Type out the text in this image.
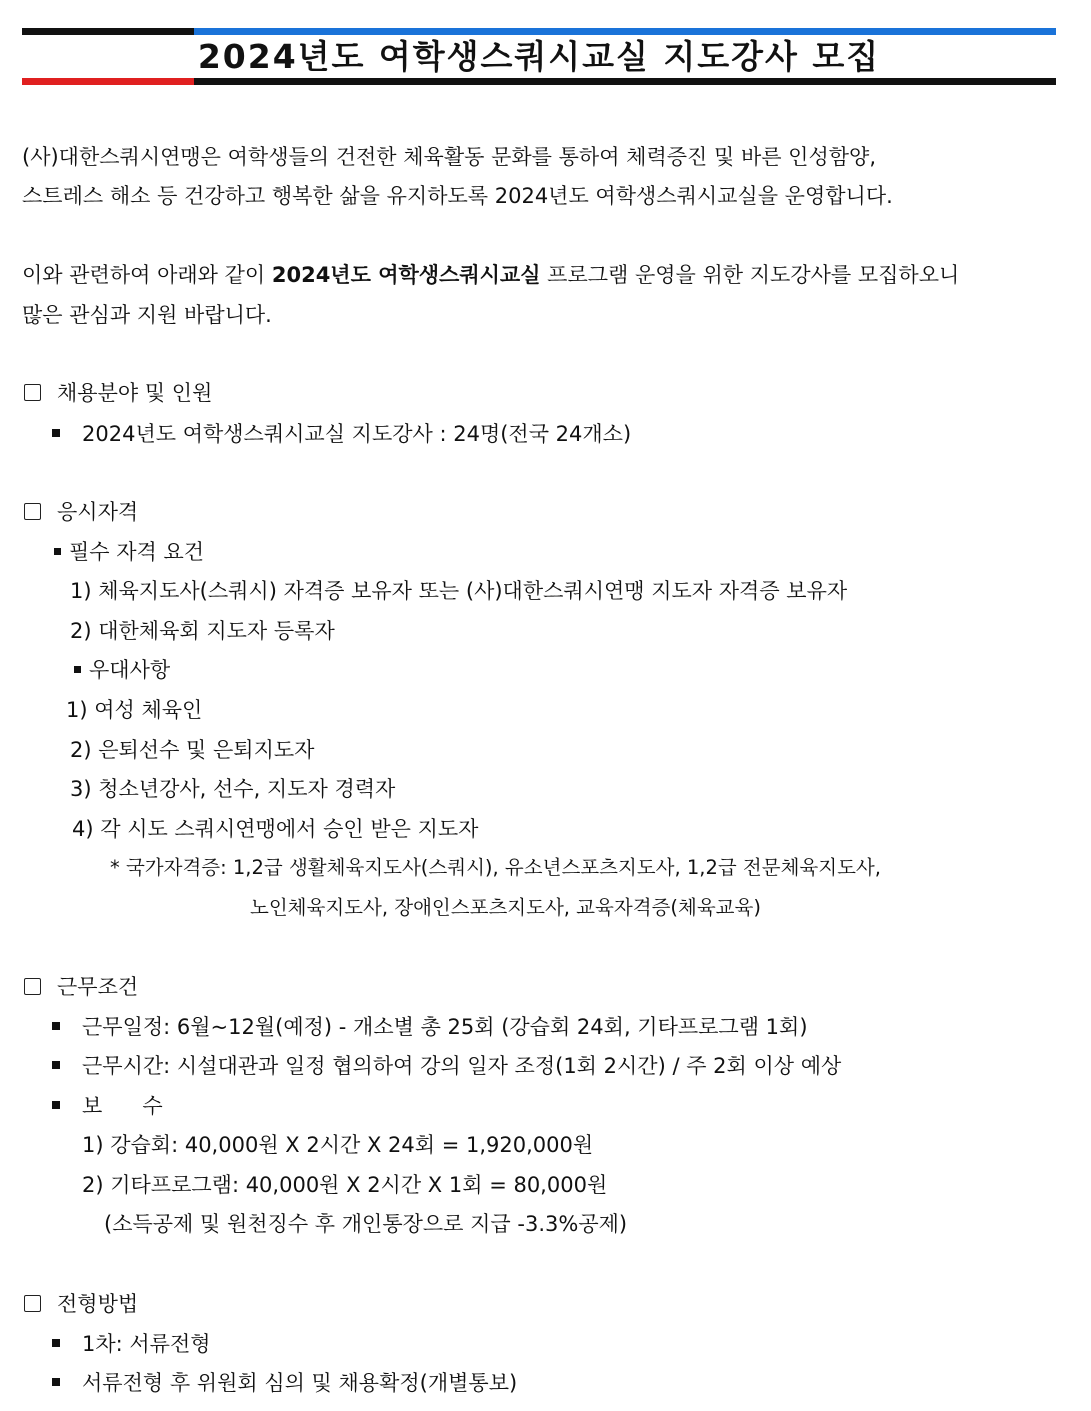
2024년도 여학생스쿼시교실 지도강사 모집
(사)대한스쿼시연맹은 여학생들의 건전한 체육활동 문화를 통하여 체력증진 및 바른 인성함양,
스트레스 해소 등 건강하고 행복한 삶을 유지하도록 2024년도 여학생스쿼시교실을 운영합니다.
이와 관련하여 아래와 같이 2024년도 여학생스쿼시교실 프로그램 운영을 위한 지도강사를 모집하오니
많은 관심과 지원 바랍니다.
채용분야 및 인원
2024년도 여학생스쿼시교실 지도강사 : 24명(전국 24개소)
응시자격
필수 자격 요건
1) 체육지도사(스쿼시) 자격증 보유자 또는 (사)대한스쿼시연맹 지도자 자격증 보유자
2) 대한체육회 지도자 등록자
우대사항
1) 여성 체육인
2) 은퇴선수 및 은퇴지도자
3) 청소년강사, 선수, 지도자 경력자
4) 각 시도 스쿼시연맹에서 승인 받은 지도자
* 국가자격증: 1,2급 생활체육지도사(스쿼시), 유소년스포츠지도사, 1,2급 전문체육지도사,
노인체육지도사, 장애인스포츠지도사, 교육자격증(체육교육)
근무조건
근무일정: 6월~12월(예정) - 개소별 총 25회 (강습회 24회, 기타프로그램 1회)
근무시간: 시설대관과 일정 협의하여 강의 일자 조정(1회 2시간) / 주 2회 이상 예상
보      수
1) 강습회: 40,000원 X 2시간 X 24회 = 1,920,000원
2) 기타프로그램: 40,000원 X 2시간 X 1회 = 80,000원
(소득공제 및 원천징수 후 개인통장으로 지급 -3.3%공제)
전형방법
1차: 서류전형
서류전형 후 위원회 심의 및 채용확정(개별통보)
